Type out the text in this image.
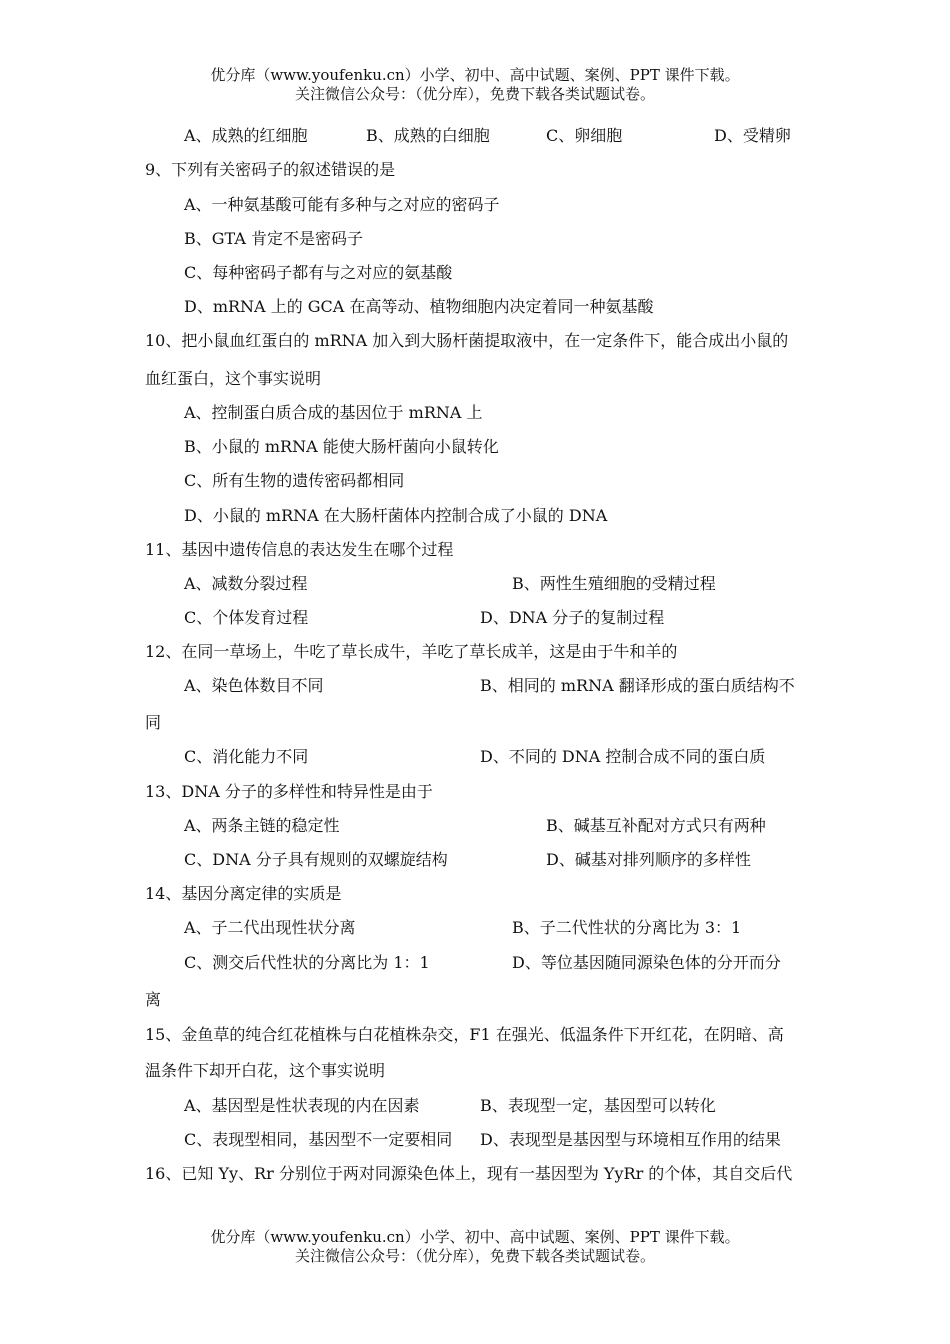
优分库（www.youfenku.cn）小学、初中、高中试题、案例、PPT 课件下载。
关注微信公众号：（优分库），免费下载各类试题试卷。
A、成熟的红细胞	B、成熟的白细胞	C、卵细胞	D、受精卵
9、下列有关密码子的叙述错误的是
A、一种氨基酸可能有多种与之对应的密码子
B、GTA 肯定不是密码子
C、每种密码子都有与之对应的氨基酸
D、mRNA 上的 GCA 在高等动、植物细胞内决定着同一种氨基酸
10、把小鼠血红蛋白的 mRNA 加入到大肠杆菌提取液中，在一定条件下，能合成出小鼠的
血红蛋白，这个事实说明
A、控制蛋白质合成的基因位于 mRNA 上
B、小鼠的 mRNA 能使大肠杆菌向小鼠转化
C、所有生物的遗传密码都相同
D、小鼠的 mRNA 在大肠杆菌体内控制合成了小鼠的 DNA
11、基因中遗传信息的表达发生在哪个过程
A、减数分裂过程	B、两性生殖细胞的受精过程
C、个体发育过程	D、DNA 分子的复制过程
12、在同一草场上，牛吃了草长成牛，羊吃了草长成羊，这是由于牛和羊的
A、染色体数目不同	B、相同的 mRNA 翻译形成的蛋白质结构不
同
C、消化能力不同	D、不同的 DNA 控制合成不同的蛋白质
13、DNA 分子的多样性和特异性是由于
A、两条主链的稳定性	B、碱基互补配对方式只有两种
C、DNA 分子具有规则的双螺旋结构	D、碱基对排列顺序的多样性
14、基因分离定律的实质是
A、子二代出现性状分离	B、子二代性状的分离比为 3：1
C、测交后代性状的分离比为 1：1	D、等位基因随同源染色体的分开而分
离
15、金鱼草的纯合红花植株与白花植株杂交，F1 在强光、低温条件下开红花，在阴暗、高
温条件下却开白花，这个事实说明
A、基因型是性状表现的内在因素	B、表现型一定，基因型可以转化
C、表现型相同，基因型不一定要相同 D、表现型是基因型与环境相互作用的结果
16、已知 Yy、Rr 分别位于两对同源染色体上，现有一基因型为 YyRr 的个体，其自交后代
优分库（www.youfenku.cn）小学、初中、高中试题、案例、PPT 课件下载。
关注微信公众号：（优分库），免费下载各类试题试卷。
